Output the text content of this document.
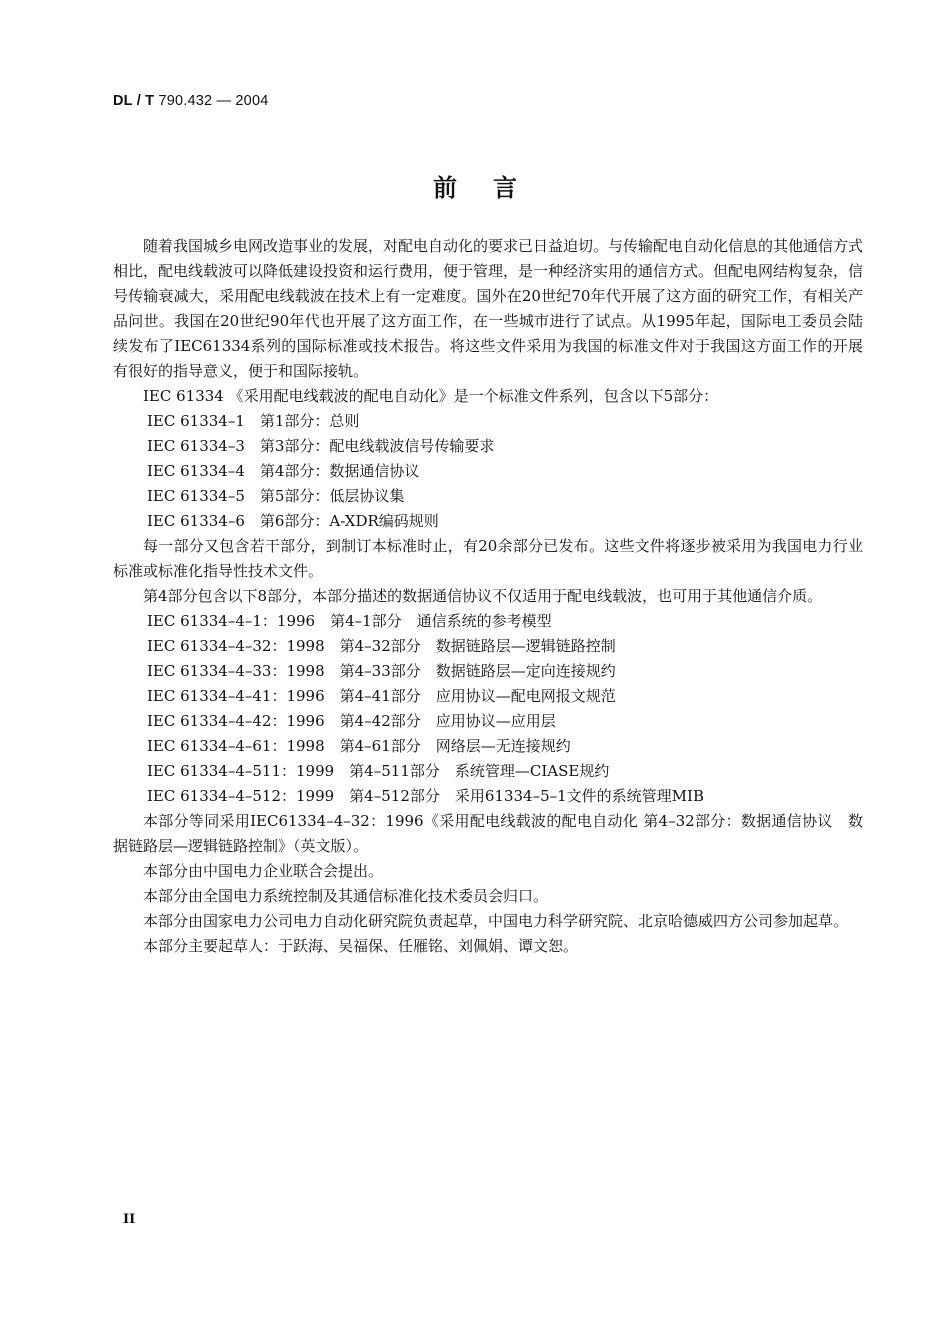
DL / T 790.432 — 2004
前言

随着我国城乡电网改造事业的发展，对配电自动化的要求已日益迫切。与传输配电自动化信息的其他通信方式相比，配电线载波可以降低建设投资和运行费用，便于管理，是一种经济实用的通信方式。但配电网结构复杂，信号传输衰减大，采用配电线载波在技术上有一定难度。国外在20世纪70年代开展了这方面的研究工作，有相关产品问世。我国在20世纪90年代也开展了这方面工作，在一些城市进行了试点。从1995年起，国际电工委员会陆续发布了IEC61334系列的国际标准或技术报告。将这些文件采用为我国的标准文件对于我国这方面工作的开展有很好的指导意义，便于和国际接轨。

IEC 61334 《采用配电线载波的配电自动化》是一个标准文件系列，包含以下5部分：

IEC 61334–1　第1部分：总则

IEC 61334–3　第3部分：配电线载波信号传输要求

IEC 61334–4　第4部分：数据通信协议

IEC 61334–5　第5部分：低层协议集

IEC 61334–6　第6部分：A-XDR编码规则

每一部分又包含若干部分，到制订本标准时止，有20余部分已发布。这些文件将逐步被采用为我国电力行业标准或标准化指导性技术文件。

第4部分包含以下8部分，本部分描述的数据通信协议不仅适用于配电线载波，也可用于其他通信介质。

IEC 61334–4–1：1996　第4–1部分　通信系统的参考模型

IEC 61334–4–32：1998　第4–32部分　数据链路层—逻辑链路控制

IEC 61334–4–33：1998　第4–33部分　数据链路层—定向连接规约

IEC 61334–4–41：1996　第4–41部分　应用协议—配电网报文规范

IEC 61334–4–42：1996　第4–42部分　应用协议—应用层

IEC 61334–4–61：1998　第4–61部分　网络层—无连接规约

IEC 61334–4–511：1999　第4–511部分　系统管理—CIASE规约

IEC 61334–4–512：1999　第4–512部分　采用61334–5–1文件的系统管理MIB

本部分等同采用IEC61334–4–32：1996《采用配电线载波的配电自动化 第4–32部分：数据通信协议　数据链路层—逻辑链路控制》（英文版）。

本部分由中国电力企业联合会提出。

本部分由全国电力系统控制及其通信标准化技术委员会归口。

本部分由国家电力公司电力自动化研究院负责起草，中国电力科学研究院、北京哈德威四方公司参加起草。

本部分主要起草人：于跃海、吴福保、任雁铭、刘佩娟、谭文恕。

II
